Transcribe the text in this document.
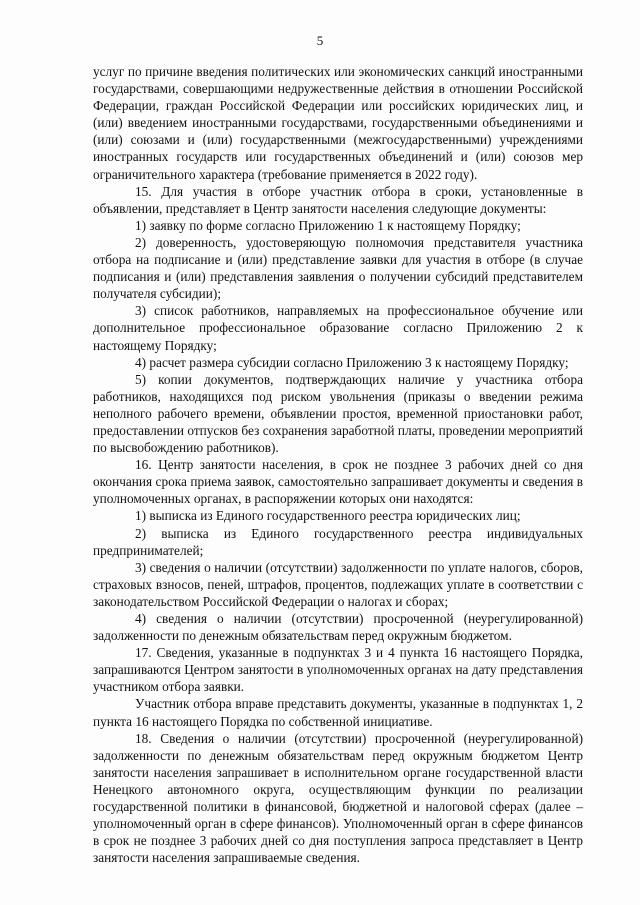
5

услуг по причине введения политических или экономических санкций иностранными государствами, совершающими недружественные действия в отношении Российской Федерации, граждан Российской Федерации или российских юридических лиц, и (или) введением иностранными государствами, государственными объединениями и (или) союзами и (или) государственными (межгосударственными) учреждениями иностранных государств или государственных объединений и (или) союзов мер ограничительного характера (требование применяется в 2022 году).

15. Для участия в отборе участник отбора в сроки, установленные в объявлении, представляет в Центр занятости населения следующие документы:

1) заявку по форме согласно Приложению 1 к настоящему Порядку;

2) доверенность, удостоверяющую полномочия представителя участника отбора на подписание и (или) представление заявки для участия в отборе (в случае подписания и (или) представления заявления о получении субсидий представителем получателя субсидии);

3) список работников, направляемых на профессиональное обучение или дополнительное профессиональное образование согласно Приложению 2 к настоящему Порядку;

4) расчет размера субсидии согласно Приложению 3 к настоящему Порядку;

5) копии документов, подтверждающих наличие у участника отбора работников, находящихся под риском увольнения (приказы о введении режима неполного рабочего времени, объявлении простоя, временной приостановки работ, предоставлении отпусков без сохранения заработной платы, проведении мероприятий по высвобождению работников).

16. Центр занятости населения, в срок не позднее 3 рабочих дней со дня окончания срока приема заявок, самостоятельно запрашивает документы и сведения в уполномоченных органах, в распоряжении которых они находятся:

1) выписка из Единого государственного реестра юридических лиц;

2) выписка из Единого государственного реестра индивидуальных предпринимателей;

3) сведения о наличии (отсутствии) задолженности по уплате налогов, сборов, страховых взносов, пеней, штрафов, процентов, подлежащих уплате в соответствии с законодательством Российской Федерации о налогах и сборах;

4) сведения о наличии (отсутствии) просроченной (неурегулированной) задолженности по денежным обязательствам перед окружным бюджетом.

17. Сведения, указанные в подпунктах 3 и 4 пункта 16 настоящего Порядка, запрашиваются Центром занятости в уполномоченных органах на дату представления участником отбора заявки.

Участник отбора вправе представить документы, указанные в подпунктах 1, 2 пункта 16 настоящего Порядка по собственной инициативе.

18. Сведения о наличии (отсутствии) просроченной (неурегулированной) задолженности по денежным обязательствам перед окружным бюджетом Центр занятости населения запрашивает в исполнительном органе государственной власти Ненецкого автономного округа, осуществляющим функции по реализации государственной политики в финансовой, бюджетной и налоговой сферах (далее – уполномоченный орган в сфере финансов). Уполномоченный орган в сфере финансов в срок не позднее 3 рабочих дней со дня поступления запроса представляет в Центр занятости населения запрашиваемые сведения.
